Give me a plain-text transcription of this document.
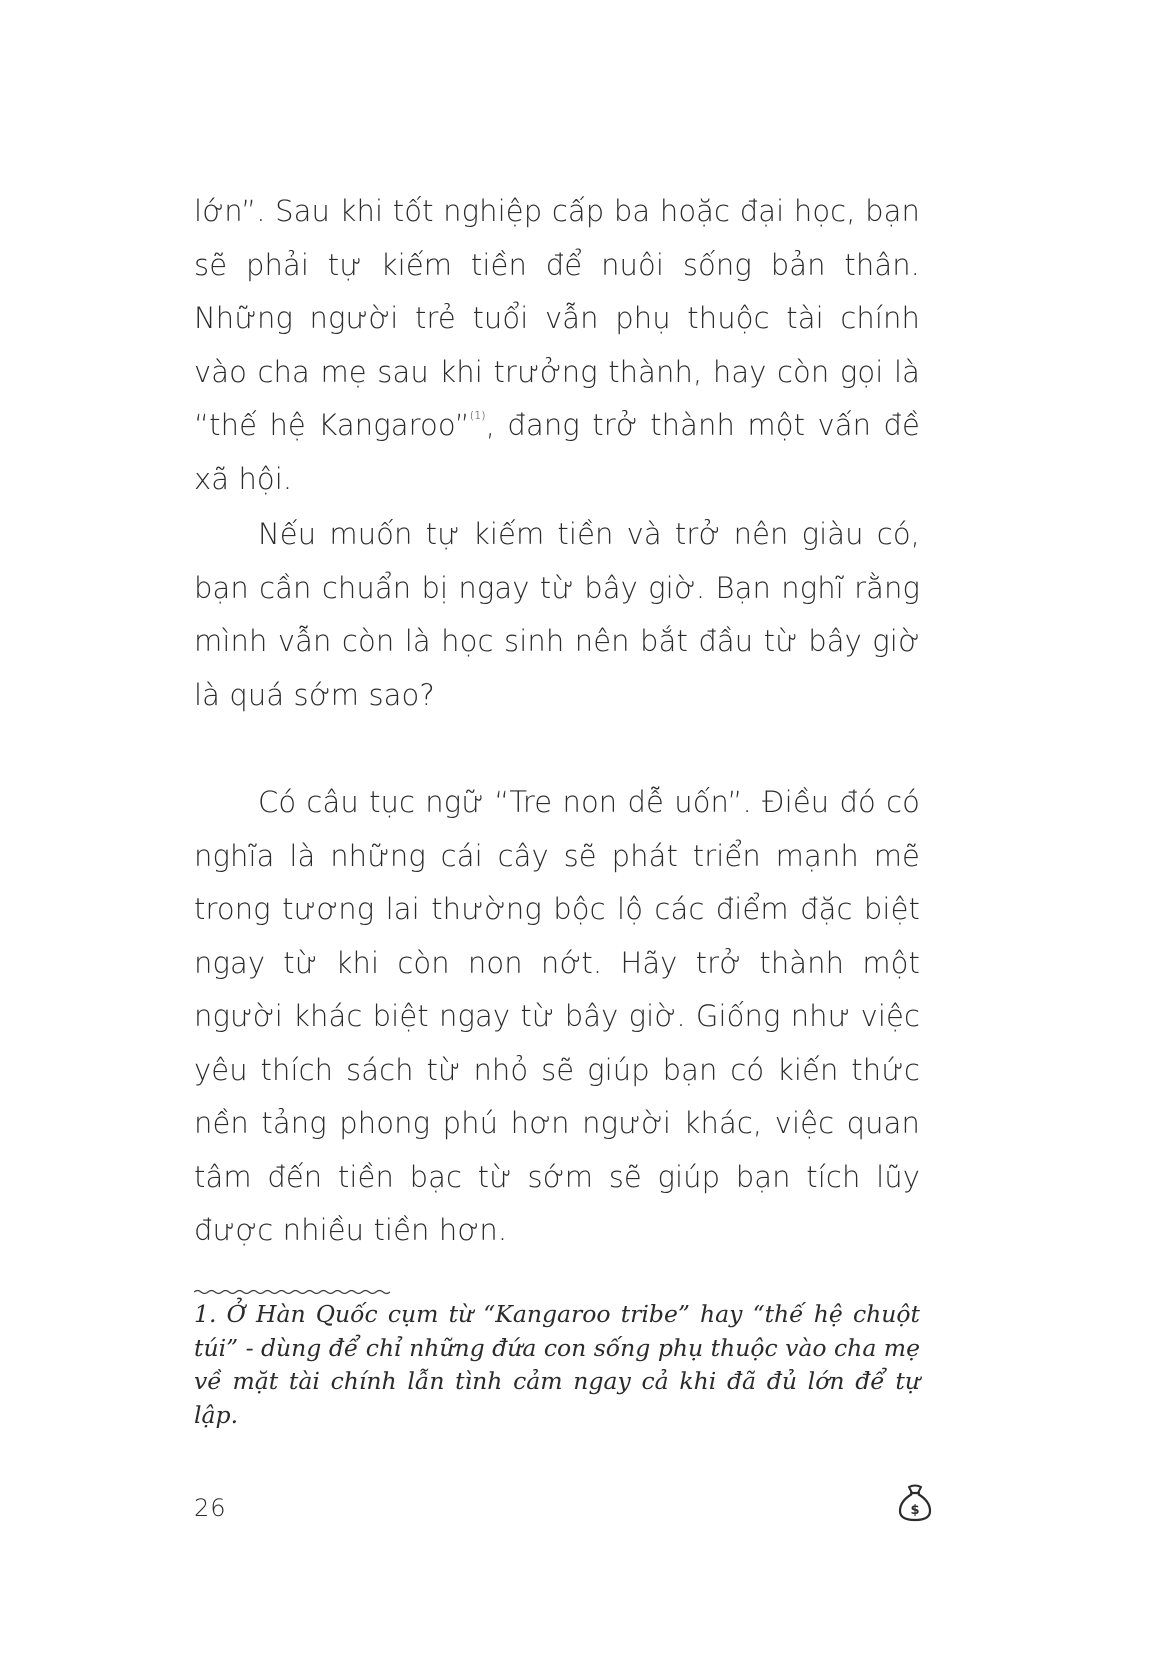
lớn”. Sau khi tốt nghiệp cấp ba hoặc đại học, bạn sẽ phải tự kiếm tiền để nuôi sống bản thân. Những người trẻ tuổi vẫn phụ thuộc tài chính vào cha mẹ sau khi trưởng thành, hay còn gọi là “thế hệ Kangaroo”$^{(1)}$, đang trở thành một vấn đề xã hội.

Nếu muốn tự kiếm tiền và trở nên giàu có, bạn cần chuẩn bị ngay từ bây giờ. Bạn nghĩ rằng mình vẫn còn là học sinh nên bắt đầu từ bây giờ là quá sớm sao?

Có câu tục ngữ “Tre non dễ uốn”. Điều đó có nghĩa là những cái cây sẽ phát triển mạnh mẽ trong tương lai thường bộc lộ các điểm đặc biệt ngay từ khi còn non nớt. Hãy trở thành một người khác biệt ngay từ bây giờ. Giống như việc yêu thích sách từ nhỏ sẽ giúp bạn có kiến thức nền tảng phong phú hơn người khác, việc quan tâm đến tiền bạc từ sớm sẽ giúp bạn tích lũy được nhiều tiền hơn.

1. Ở Hàn Quốc cụm từ “Kangaroo tribe” hay “thế hệ chuột túi” - dùng để chỉ những đứa con sống phụ thuộc vào cha mẹ về mặt tài chính lẫn tình cảm ngay cả khi đã đủ lớn để tự lập.

26	$
